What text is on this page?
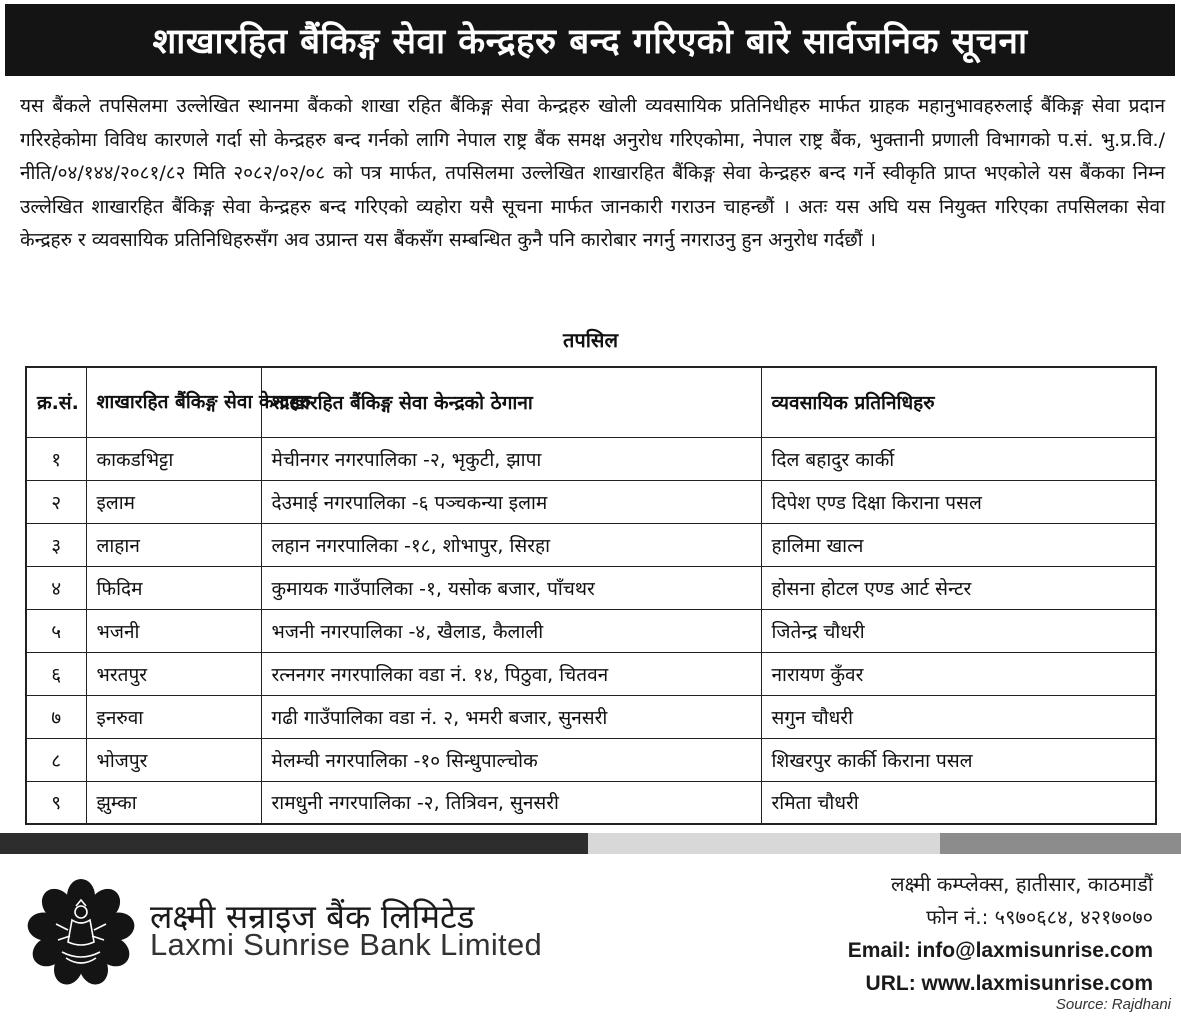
शाखारहित बैंकिङ्ग सेवा केन्द्रहरु बन्द गरिएको बारे सार्वजनिक सूचना
यस बैंकले तपसिलमा उल्लेखित स्थानमा बैंकको शाखा रहित बैंकिङ्ग सेवा केन्द्रहरु खोली व्यवसायिक प्रतिनिधीहरु मार्फत ग्राहक महानुभावहरुलाई बैंकिङ्ग सेवा प्रदान गरिरहेकोमा विविध कारणले गर्दा सो केन्द्रहरु बन्द गर्नको लागि नेपाल राष्ट्र बैंक समक्ष अनुरोध गरिएकोमा, नेपाल राष्ट्र बैंक, भुक्तानी प्रणाली विभागको प.सं. भु.प्र.वि./नीति/०४/१४४/२०८१/८२ मिति २०८२/०२/०८ को पत्र मार्फत, तपसिलमा उल्लेखित शाखारहित बैंकिङ्ग सेवा केन्द्रहरु बन्द गर्ने स्वीकृति प्राप्त भएकोले यस बैंकका निम्न उल्लेखित शाखारहित बैंकिङ्ग सेवा केन्द्रहरु बन्द गरिएको व्यहोरा यसै सूचना मार्फत जानकारी गराउन चाहन्छौं । अतः यस अघि यस नियुक्त गरिएका तपसिलका सेवा केन्द्रहरु र व्यवसायिक प्रतिनिधिहरुसँग अव उप्रान्त यस बैंकसँग सम्बन्धित कुनै पनि कारोबार नगर्नु नगराउनु हुन अनुरोध गर्दछौं ।
तपसिल
क्र.सं.	शाखारहित बैंकिङ्ग सेवा केन्द्रहरु	शाखारहित बैंकिङ्ग सेवा केन्द्रको ठेगाना	व्यवसायिक प्रतिनिधिहरु
१	काकडभिट्टा	मेचीनगर नगरपालिका -२, भृकुटी, झापा	दिल बहादुर कार्की
२	इलाम	देउमाई नगरपालिका -६ पञ्चकन्या इलाम	दिपेश एण्ड दिक्षा किराना पसल
३	लाहान	लहान नगरपालिका -१८, शोभापुर, सिरहा	हालिमा खात्न
४	फिदिम	कुमायक गाउँपालिका -१, यसोक बजार, पाँचथर	होसना होटल एण्ड आर्ट सेन्टर
५	भजनी	भजनी नगरपालिका -४, खैलाड, कैलाली	जितेन्द्र चौधरी
६	भरतपुर	रत्ननगर नगरपालिका वडा नं. १४, पिठुवा, चितवन	नारायण कुँवर
७	इनरुवा	गढी गाउँपालिका वडा नं. २, भमरी बजार, सुनसरी	सगुन चौधरी
८	भोजपुर	मेलम्ची नगरपालिका -१० सिन्धुपाल्चोक	शिखरपुर कार्की किराना पसल
९	झुम्का	रामधुनी नगरपालिका -२, तित्रिवन, सुनसरी	रमिता चौधरी
लक्ष्मी सन्राइज बैंक लिमिटेड
Laxmi Sunrise Bank Limited
लक्ष्मी कम्प्लेक्स, हातीसार, काठमाडौं
फोन नं.: ५९७०६८४, ४२१७०७०
Email: info@laxmisunrise.com
URL: www.laxmisunrise.com
Source: Rajdhani
